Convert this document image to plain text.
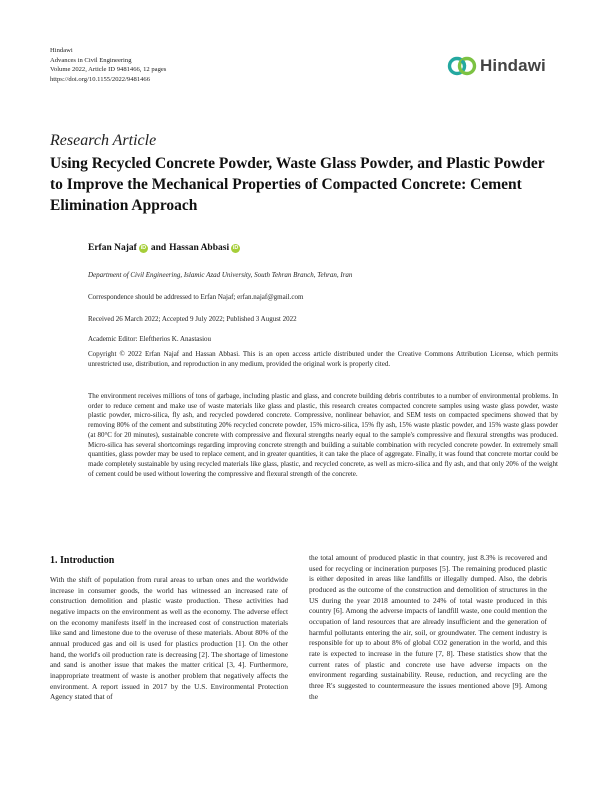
Hindawi
Advances in Civil Engineering
Volume 2022, Article ID 9481466, 12 pages
https://doi.org/10.1155/2022/9481466
Hindawi
Research Article
Using Recycled Concrete Powder, Waste Glass Powder, and Plastic Powder to Improve the Mechanical Properties of Compacted Concrete: Cement Elimination Approach
Erfan Najaf iD and Hassan Abbasi iD
Department of Civil Engineering, Islamic Azad University, South Tehran Branch, Tehran, Iran
Correspondence should be addressed to Erfan Najaf; erfan.najaf@gmail.com
Received 26 March 2022; Accepted 9 July 2022; Published 3 August 2022
Academic Editor: Eleftherios K. Anastasiou
Copyright © 2022 Erfan Najaf and Hassan Abbasi. This is an open access article distributed under the Creative Commons Attribution License, which permits unrestricted use, distribution, and reproduction in any medium, provided the original work is properly cited.
The environment receives millions of tons of garbage, including plastic and glass, and concrete building debris contributes to a number of environmental problems. In order to reduce cement and make use of waste materials like glass and plastic, this research creates compacted concrete samples using waste glass powder, waste plastic powder, micro-silica, fly ash, and recycled powdered concrete. Compressive, nonlinear behavior, and SEM tests on compacted specimens showed that by removing 80% of the cement and substituting 20% recycled concrete powder, 15% micro-silica, 15% fly ash, 15% waste plastic powder, and 15% waste glass powder (at 80°C for 20 minutes), sustainable concrete with compressive and flexural strengths nearly equal to the sample's compressive and flexural strengths was produced. Micro-silica has several shortcomings regarding improving concrete strength and building a suitable combination with recycled concrete powder. In extremely small quantities, glass powder may be used to replace cement, and in greater quantities, it can take the place of aggregate. Finally, it was found that concrete mortar could be made completely sustainable by using recycled materials like glass, plastic, and recycled concrete, as well as micro-silica and fly ash, and that only 20% of the weight of cement could be used without lowering the compressive and flexural strength of the concrete.
1. Introduction

With the shift of population from rural areas to urban ones and the worldwide increase in consumer goods, the world has witnessed an increased rate of construction demolition and plastic waste production. These activities had negative impacts on the environment as well as the economy. The adverse effect on the economy manifests itself in the increased cost of construction materials like sand and limestone due to the overuse of these materials. About 80% of the annual produced gas and oil is used for plastics production [1]. On the other hand, the world's oil production rate is decreasing [2]. The shortage of limestone and sand is another issue that makes the matter critical [3, 4]. Furthermore, inappropriate treatment of waste is another problem that negatively affects the environment. A report issued in 2017 by the U.S. Environmental Protection Agency stated that of

the total amount of produced plastic in that country, just 8.3% is recovered and used for recycling or incineration purposes [5]. The remaining produced plastic is either deposited in areas like landfills or illegally dumped. Also, the debris produced as the outcome of the construction and demolition of structures in the US during the year 2018 amounted to 24% of total waste produced in this country [6]. Among the adverse impacts of landfill waste, one could mention the occupation of land resources that are already insufficient and the generation of harmful pollutants entering the air, soil, or groundwater. The cement industry is responsible for up to about 8% of global CO2 generation in the world, and this rate is expected to increase in the future [7, 8]. These statistics show that the current rates of plastic and concrete use have adverse impacts on the environment regarding sustainability. Reuse, reduction, and recycling are the three R's suggested to countermeasure the issues mentioned above [9]. Among the
